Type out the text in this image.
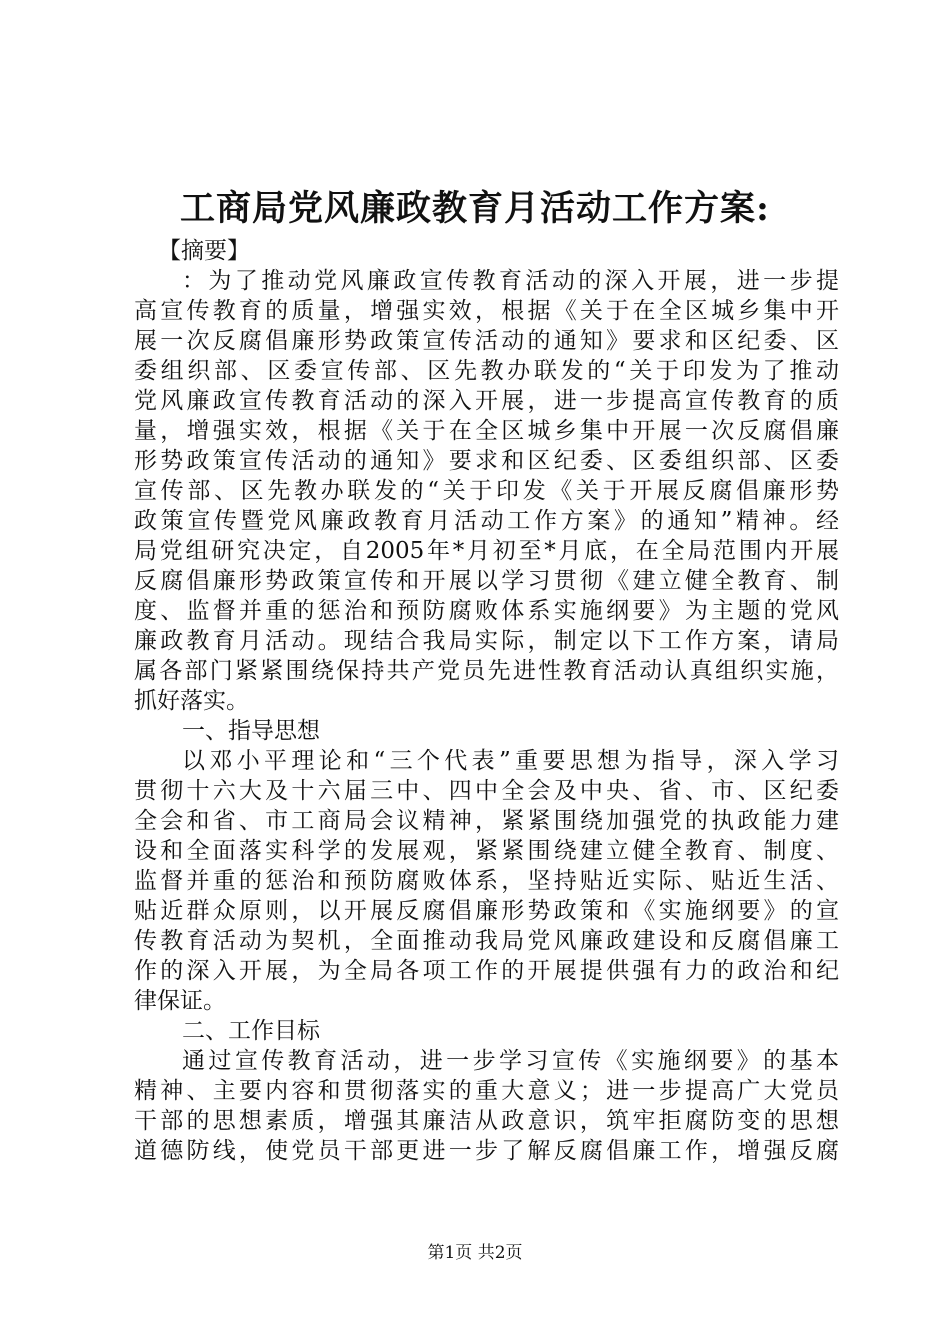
工商局党风廉政教育月活动工作方案:
【摘要】
：为了推动党风廉政宣传教育活动的深入开展，进一步提
高宣传教育的质量，增强实效，根据《关于在全区城乡集中开
展一次反腐倡廉形势政策宣传活动的通知》要求和区纪委、区
委组织部、区委宣传部、区先教办联发的“关于印发为了推动
党风廉政宣传教育活动的深入开展，进一步提高宣传教育的质
量，增强实效，根据《关于在全区城乡集中开展一次反腐倡廉
形势政策宣传活动的通知》要求和区纪委、区委组织部、区委
宣传部、区先教办联发的“关于印发《关于开展反腐倡廉形势
政策宣传暨党风廉政教育月活动工作方案》的通知”精神。经
局党组研究决定，自2005年*月初至*月底，在全局范围内开展
反腐倡廉形势政策宣传和开展以学习贯彻《建立健全教育、制
度、监督并重的惩治和预防腐败体系实施纲要》为主题的党风
廉政教育月活动。现结合我局实际，制定以下工作方案，请局
属各部门紧紧围绕保持共产党员先进性教育活动认真组织实施，
抓好落实。
一、指导思想
以邓小平理论和“三个代表”重要思想为指导，深入学习
贯彻十六大及十六届三中、四中全会及中央、省、市、区纪委
全会和省、市工商局会议精神，紧紧围绕加强党的执政能力建
设和全面落实科学的发展观，紧紧围绕建立健全教育、制度、
监督并重的惩治和预防腐败体系，坚持贴近实际、贴近生活、
贴近群众原则，以开展反腐倡廉形势政策和《实施纲要》的宣
传教育活动为契机，全面推动我局党风廉政建设和反腐倡廉工
作的深入开展，为全局各项工作的开展提供强有力的政治和纪
律保证。
二、工作目标
通过宣传教育活动，进一步学习宣传《实施纲要》的基本
精神、主要内容和贯彻落实的重大意义；进一步提高广大党员
干部的思想素质，增强其廉洁从政意识，筑牢拒腐防变的思想
道德防线，使党员干部更进一步了解反腐倡廉工作，增强反腐
第1页 共2页
